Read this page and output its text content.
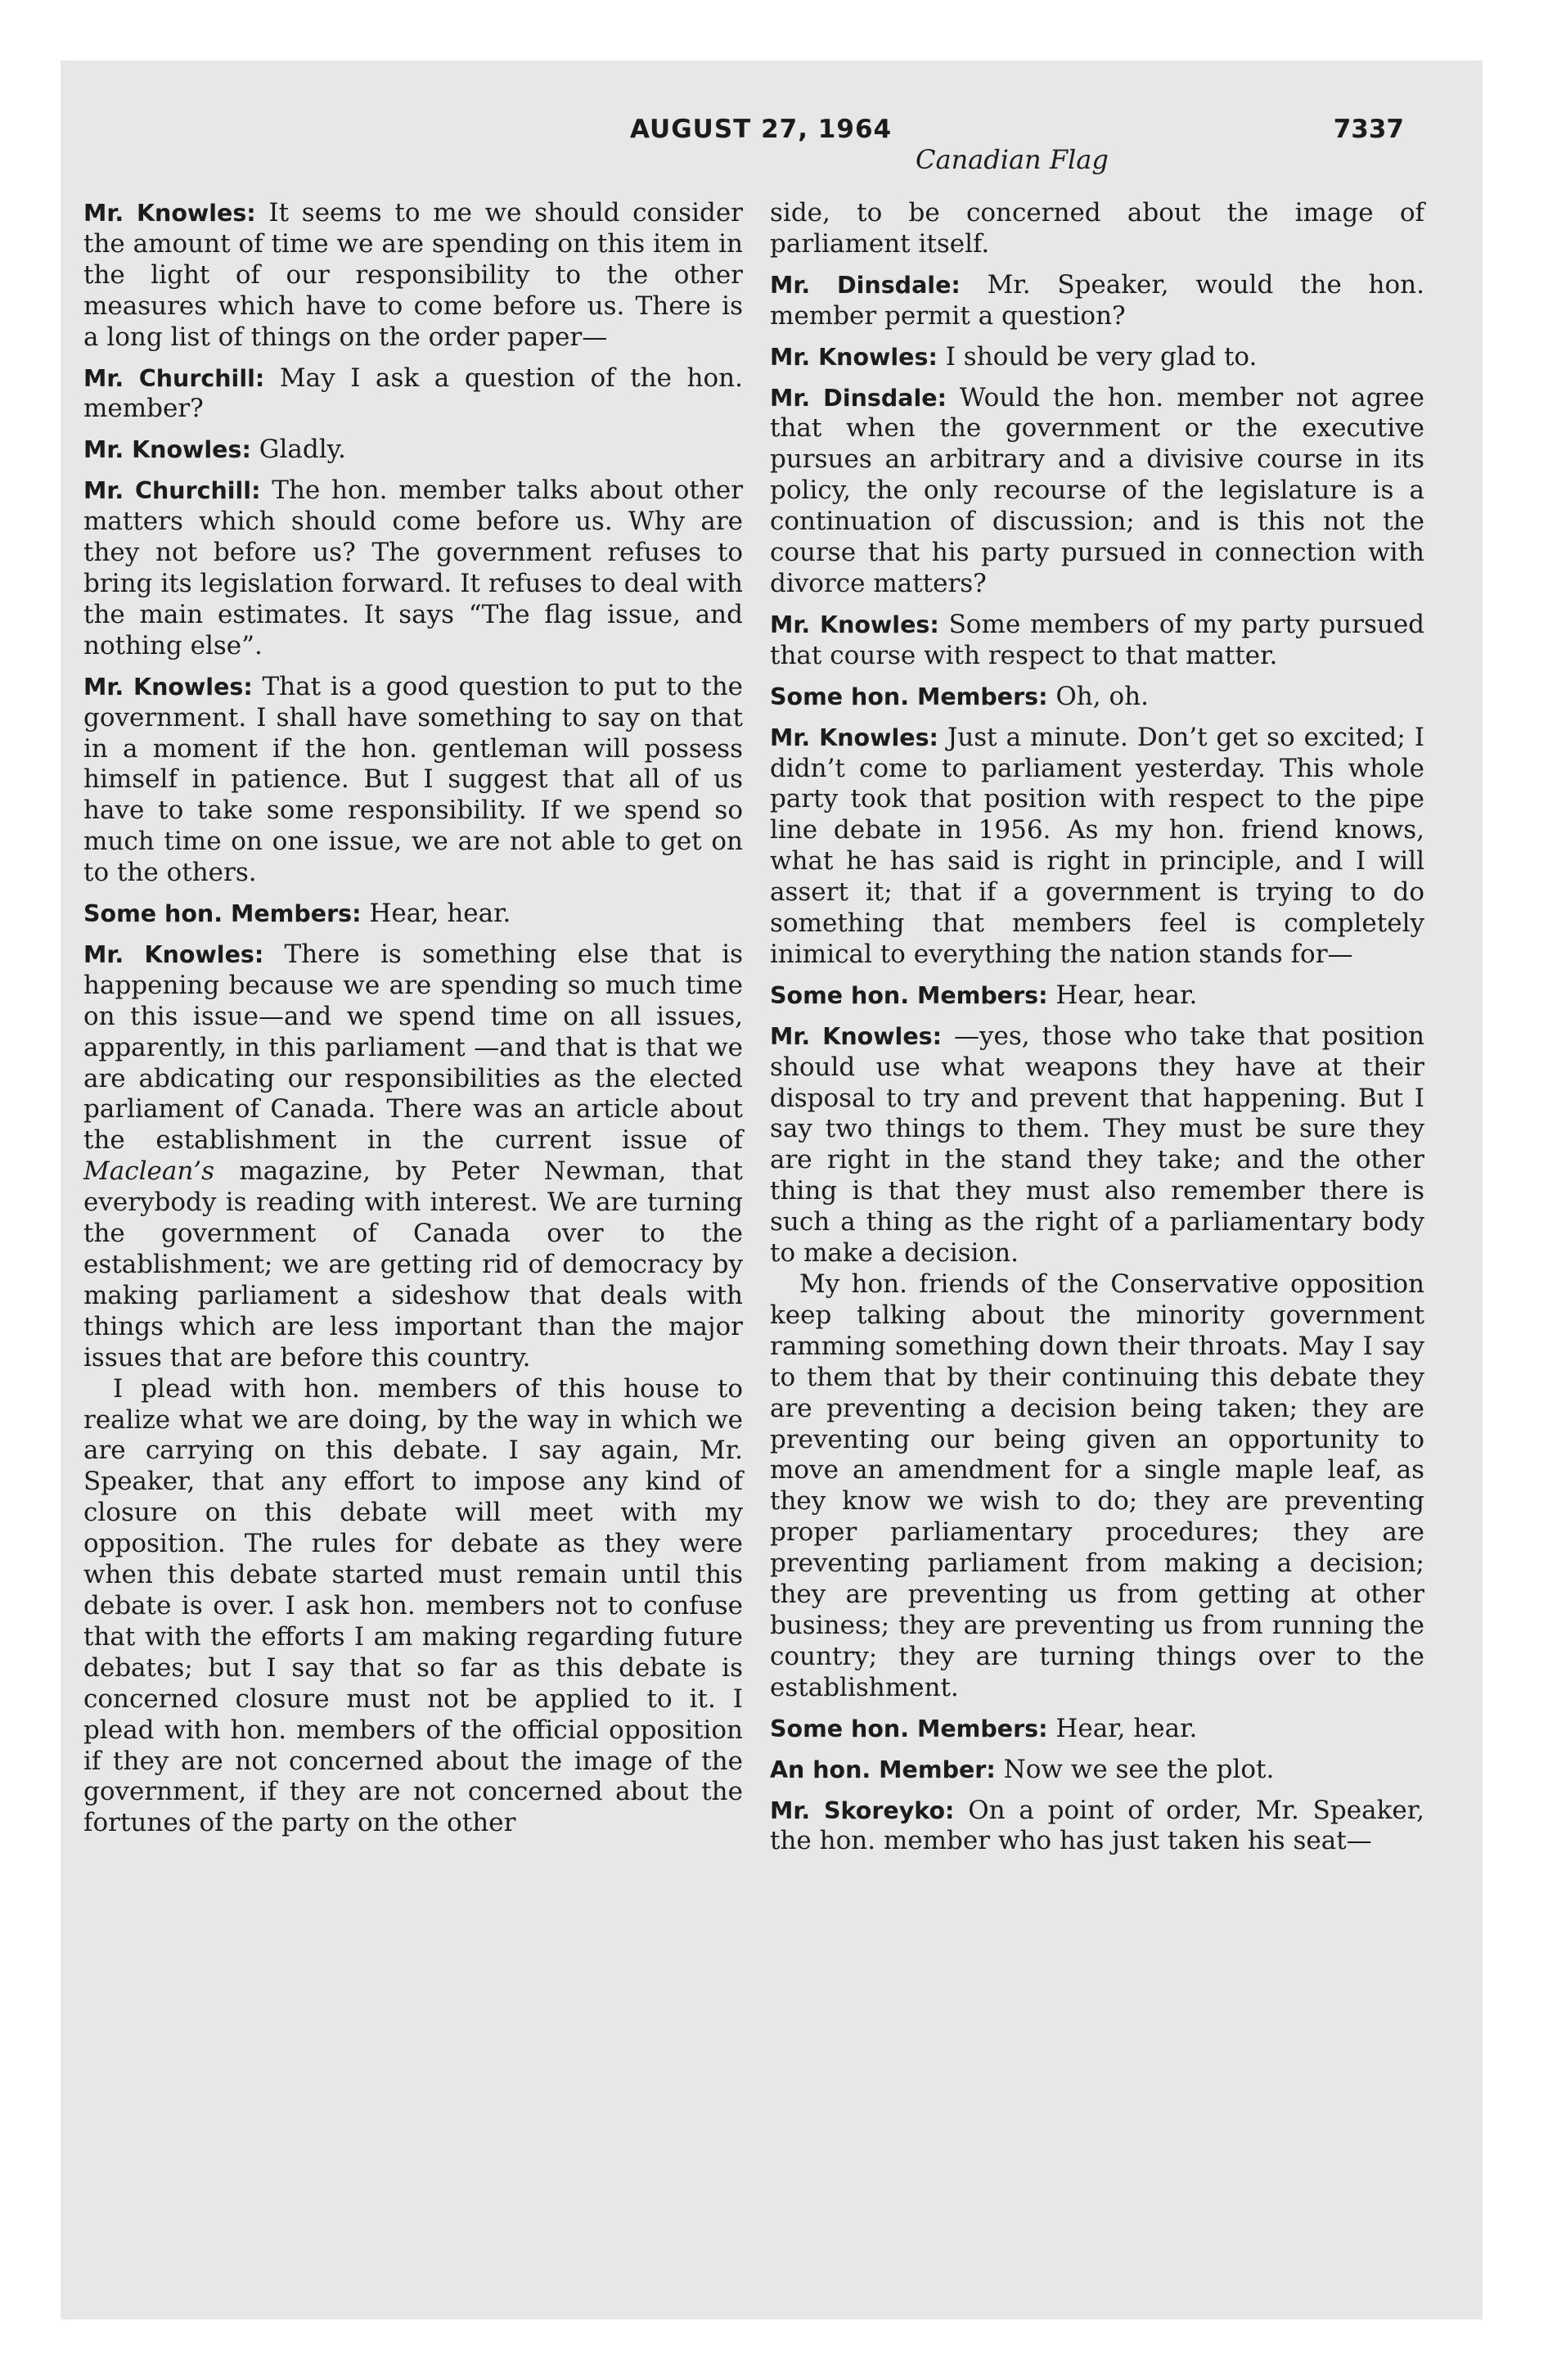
AUGUST 27, 1964	7337
Canadian Flag

Mr. Knowles: It seems to me we should consider the amount of time we are spending on this item in the light of our responsibility to the other measures which have to come before us. There is a long list of things on the order paper—

Mr. Churchill: May I ask a question of the hon. member?

Mr. Knowles: Gladly.

Mr. Churchill: The hon. member talks about other matters which should come before us. Why are they not before us? The government refuses to bring its legislation forward. It refuses to deal with the main estimates. It says “The flag issue, and nothing else”.

Mr. Knowles: That is a good question to put to the government. I shall have something to say on that in a moment if the hon. gentleman will possess himself in patience. But I suggest that all of us have to take some responsibility. If we spend so much time on one issue, we are not able to get on to the others.

Some hon. Members: Hear, hear.

Mr. Knowles: There is something else that is happening because we are spending so much time on this issue—and we spend time on all issues, apparently, in this parliament —and that is that we are abdicating our responsibilities as the elected parliament of Canada. There was an article about the establishment in the current issue of Maclean’s magazine, by Peter Newman, that everybody is reading with interest. We are turning the government of Canada over to the establishment; we are getting rid of democracy by making parliament a sideshow that deals with things which are less important than the major issues that are before this country.

I plead with hon. members of this house to realize what we are doing, by the way in which we are carrying on this debate. I say again, Mr. Speaker, that any effort to impose any kind of closure on this debate will meet with my opposition. The rules for debate as they were when this debate started must remain until this debate is over. I ask hon. members not to confuse that with the efforts I am making regarding future debates; but I say that so far as this debate is concerned closure must not be applied to it. I plead with hon. members of the official opposition if they are not concerned about the image of the government, if they are not concerned about the fortunes of the party on the other

side, to be concerned about the image of parliament itself.

Mr. Dinsdale: Mr. Speaker, would the hon. member permit a question?

Mr. Knowles: I should be very glad to.

Mr. Dinsdale: Would the hon. member not agree that when the government or the executive pursues an arbitrary and a divisive course in its policy, the only recourse of the legislature is a continuation of discussion; and is this not the course that his party pursued in connection with divorce matters?

Mr. Knowles: Some members of my party pursued that course with respect to that matter.

Some hon. Members: Oh, oh.

Mr. Knowles: Just a minute. Don’t get so excited; I didn’t come to parliament yesterday. This whole party took that position with respect to the pipe line debate in 1956. As my hon. friend knows, what he has said is right in principle, and I will assert it; that if a government is trying to do something that members feel is completely inimical to everything the nation stands for—

Some hon. Members: Hear, hear.

Mr. Knowles: —yes, those who take that position should use what weapons they have at their disposal to try and prevent that happening. But I say two things to them. They must be sure they are right in the stand they take; and the other thing is that they must also remember there is such a thing as the right of a parliamentary body to make a decision.

My hon. friends of the Conservative opposition keep talking about the minority government ramming something down their throats. May I say to them that by their continuing this debate they are preventing a decision being taken; they are preventing our being given an opportunity to move an amendment for a single maple leaf, as they know we wish to do; they are preventing proper parliamentary procedures; they are preventing parliament from making a decision; they are preventing us from getting at other business; they are preventing us from running the country; they are turning things over to the establishment.

Some hon. Members: Hear, hear.

An hon. Member: Now we see the plot.

Mr. Skoreyko: On a point of order, Mr. Speaker, the hon. member who has just taken his seat—
